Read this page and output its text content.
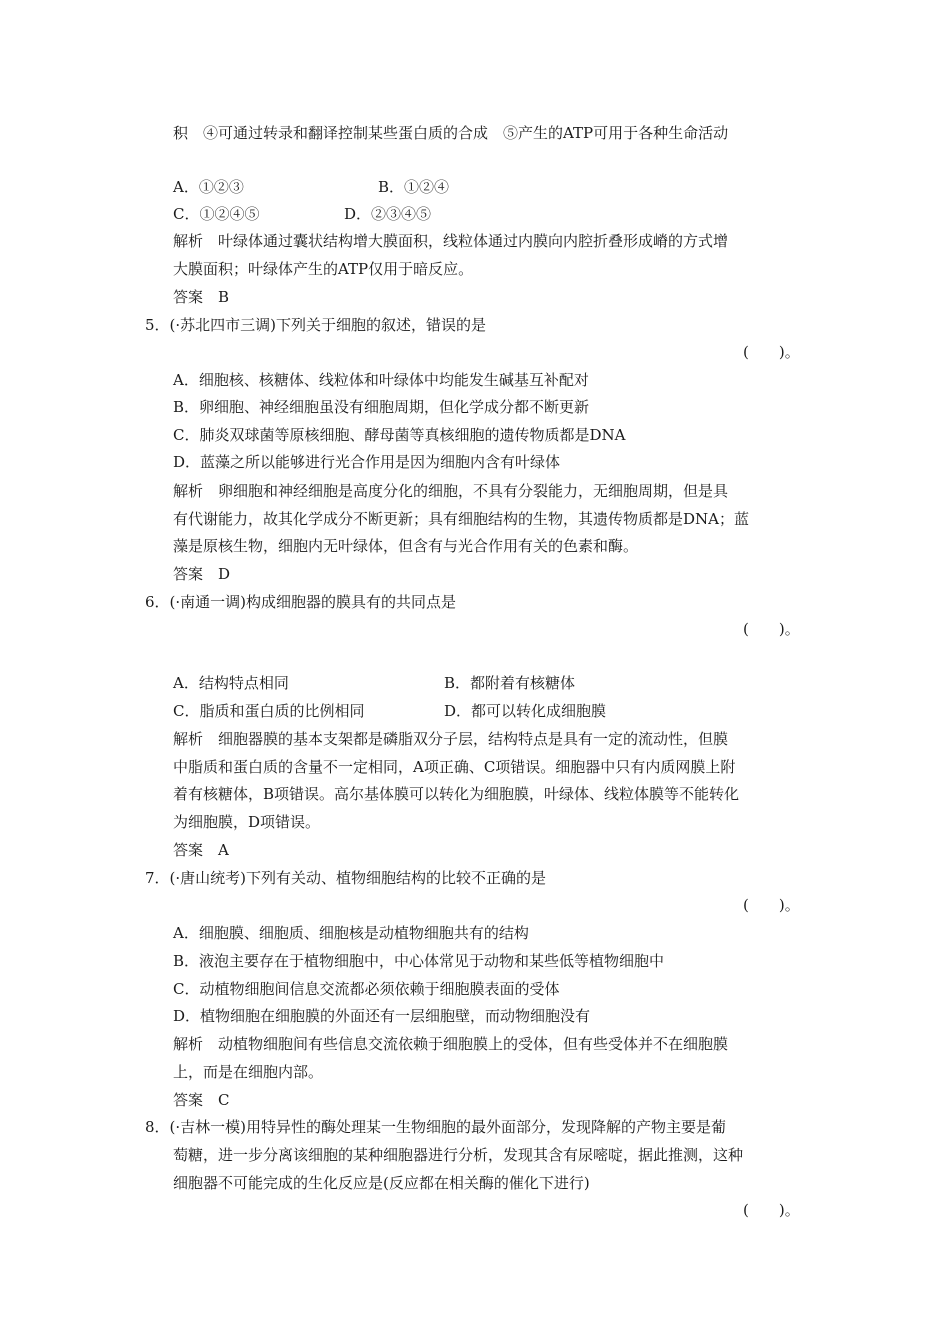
积　④可通过转录和翻译控制某些蛋白质的合成　⑤产生的ATP可用于各种生命活动
A．①②③	B．①②④
C．①②④⑤	D．②③④⑤
解析　叶绿体通过囊状结构增大膜面积，线粒体通过内膜向内腔折叠形成嵴的方式增
大膜面积；叶绿体产生的ATP仅用于暗反应。
答案　B
5．(·苏北四市三调)下列关于细胞的叙述，错误的是
(　　)。
A．细胞核、核糖体、线粒体和叶绿体中均能发生碱基互补配对
B．卵细胞、神经细胞虽没有细胞周期，但化学成分都不断更新
C．肺炎双球菌等原核细胞、酵母菌等真核细胞的遗传物质都是DNA
D．蓝藻之所以能够进行光合作用是因为细胞内含有叶绿体
解析　卵细胞和神经细胞是高度分化的细胞，不具有分裂能力，无细胞周期，但是具
有代谢能力，故其化学成分不断更新；具有细胞结构的生物，其遗传物质都是DNA；蓝
藻是原核生物，细胞内无叶绿体，但含有与光合作用有关的色素和酶。
答案　D
6．(·南通一调)构成细胞器的膜具有的共同点是
(　　)。
A．结构特点相同	B．都附着有核糖体
C．脂质和蛋白质的比例相同	D．都可以转化成细胞膜
解析　细胞器膜的基本支架都是磷脂双分子层，结构特点是具有一定的流动性，但膜
中脂质和蛋白质的含量不一定相同，A项正确、C项错误。细胞器中只有内质网膜上附
着有核糖体，B项错误。高尔基体膜可以转化为细胞膜，叶绿体、线粒体膜等不能转化
为细胞膜，D项错误。
答案　A
7．(·唐山统考)下列有关动、植物细胞结构的比较不正确的是
(　　)。
A．细胞膜、细胞质、细胞核是动植物细胞共有的结构
B．液泡主要存在于植物细胞中，中心体常见于动物和某些低等植物细胞中
C．动植物细胞间信息交流都必须依赖于细胞膜表面的受体
D．植物细胞在细胞膜的外面还有一层细胞壁，而动物细胞没有
解析　动植物细胞间有些信息交流依赖于细胞膜上的受体，但有些受体并不在细胞膜
上，而是在细胞内部。
答案　C
8．(·吉林一模)用特异性的酶处理某一生物细胞的最外面部分，发现降解的产物主要是葡
萄糖，进一步分离该细胞的某种细胞器进行分析，发现其含有尿嘧啶，据此推测，这种
细胞器不可能完成的生化反应是(反应都在相关酶的催化下进行)
(　　)。
